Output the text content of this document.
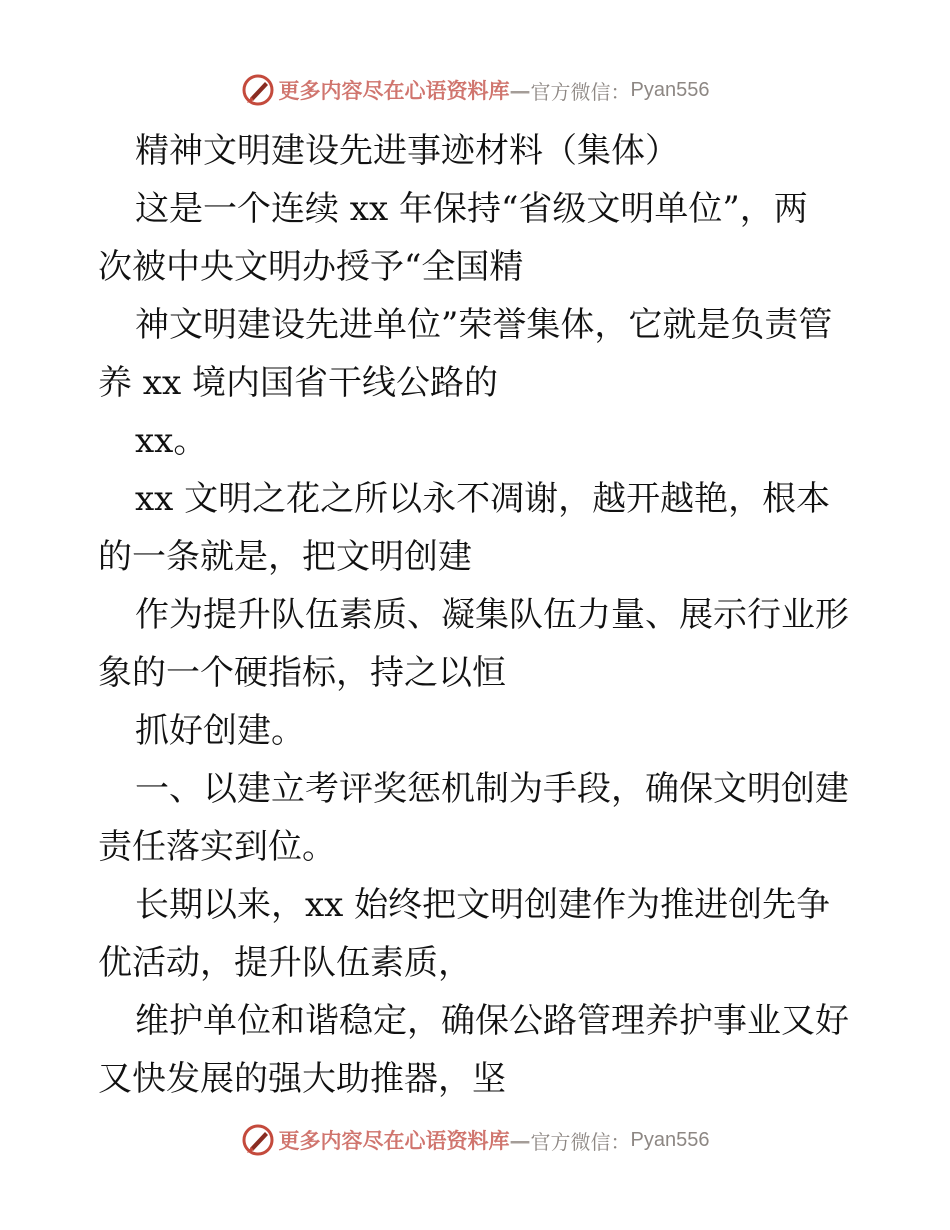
更多内容尽在心语资料库 — 官方微信： Pyan556
精神文明建设先进事迹材料（集体）
这是一个连续 xx 年保持“省级文明单位”，两
次被中央文明办授予“全国精
神文明建设先进单位”荣誉集体，它就是负责管
养 xx 境内国省干线公路的
xx。
xx 文明之花之所以永不凋谢，越开越艳，根本
的一条就是，把文明创建
作为提升队伍素质、凝集队伍力量、展示行业形
象的一个硬指标，持之以恒
抓好创建。
一、以建立考评奖惩机制为手段，确保文明创建
责任落实到位。
长期以来，xx 始终把文明创建作为推进创先争
优活动，提升队伍素质，
维护单位和谐稳定，确保公路管理养护事业又好
又快发展的强大助推器，坚
更多内容尽在心语资料库 — 官方微信： Pyan556
